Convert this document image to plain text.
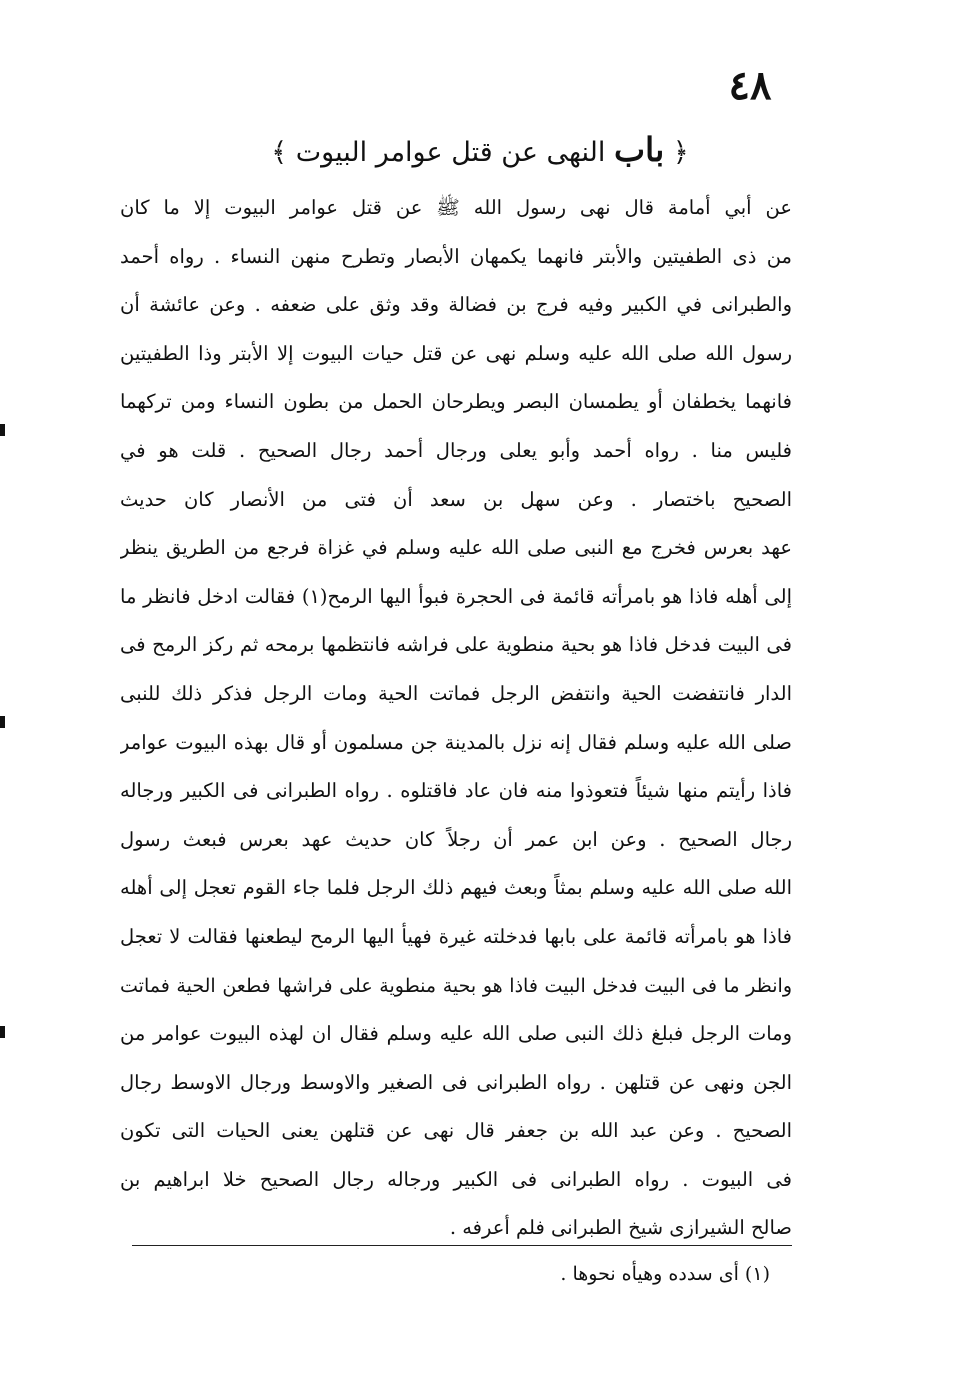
٤٨
﴿ باب النهى عن قتل عوامر البيوت ﴾
عن أبي أمامة قال نهى رسول الله ﷺ عن قتل عوامر البيوت إلا ما كان
من ذى الطفيتين والأبتر فانهما يكمهان الأبصار وتطرح منهن النساء . رواه أحمد
والطبرانى في الكبير وفيه فرج بن فضالة وقد وثق على ضعفه . وعن عائشة أن
رسول الله صلى الله عليه وسلم نهى عن قتل حيات البيوت إلا الأبتر وذا الطفيتين
فانهما يخطفان أو يطمسان البصر ويطرحان الحمل من بطون النساء ومن تركهما
فليس منا . رواه أحمد وأبو يعلى ورجال أحمد رجال الصحيح . قلت هو في
الصحيح باختصار . وعن سهل بن سعد أن فتى من الأنصار كان حديث
عهد بعرس فخرج مع النبى صلى الله عليه وسلم في غزاة فرجع من الطريق ينظر
إلى أهله فاذا هو بامرأته قائمة فى الحجرة فبوأ اليها الرمح(١) فقالت ادخل فانظر ما
فى البيت فدخل فاذا هو بحية منطوية على فراشه فانتظمها برمحه ثم ركز الرمح فى
الدار فانتفضت الحية وانتفض الرجل فماتت الحية ومات الرجل فذكر ذلك للنبى
صلى الله عليه وسلم فقال إنه نزل بالمدينة جن مسلمون أو قال بهذه البيوت عوامر
فاذا رأيتم منها شيئاً فتعوذوا منه فان عاد فاقتلوه . رواه الطبرانى فى الكبير ورجاله
رجال الصحيح . وعن ابن عمر أن رجلاً كان حديث عهد بعرس فبعث رسول
الله صلى الله عليه وسلم بمثاً وبعث فيهم ذلك الرجل فلما جاء القوم تعجل إلى أهله
فاذا هو بامرأته قائمة على بابها فدخلته غيرة فهيأ اليها الرمح ليطعنها فقالت لا تعجل
وانظر ما فى البيت فدخل البيت فاذا هو بحية منطوية على فراشها فطعن الحية فماتت
ومات الرجل فبلغ ذلك النبى صلى الله عليه وسلم فقال ان لهذه البيوت عوامر من
الجن ونهى عن قتلهن . رواه الطبرانى فى الصغير والاوسط ورجال الاوسط رجال
الصحيح . وعن عبد الله بن جعفر قال نهى عن قتلهن يعنى الحيات التى تكون
فى البيوت . رواه الطبرانى فى الكبير ورجاله رجال الصحيح خلا ابراهيم بن
صالح الشيرازى شيخ الطبرانى فلم أعرفه .
(١) أى سدده وهيأه نحوها .
